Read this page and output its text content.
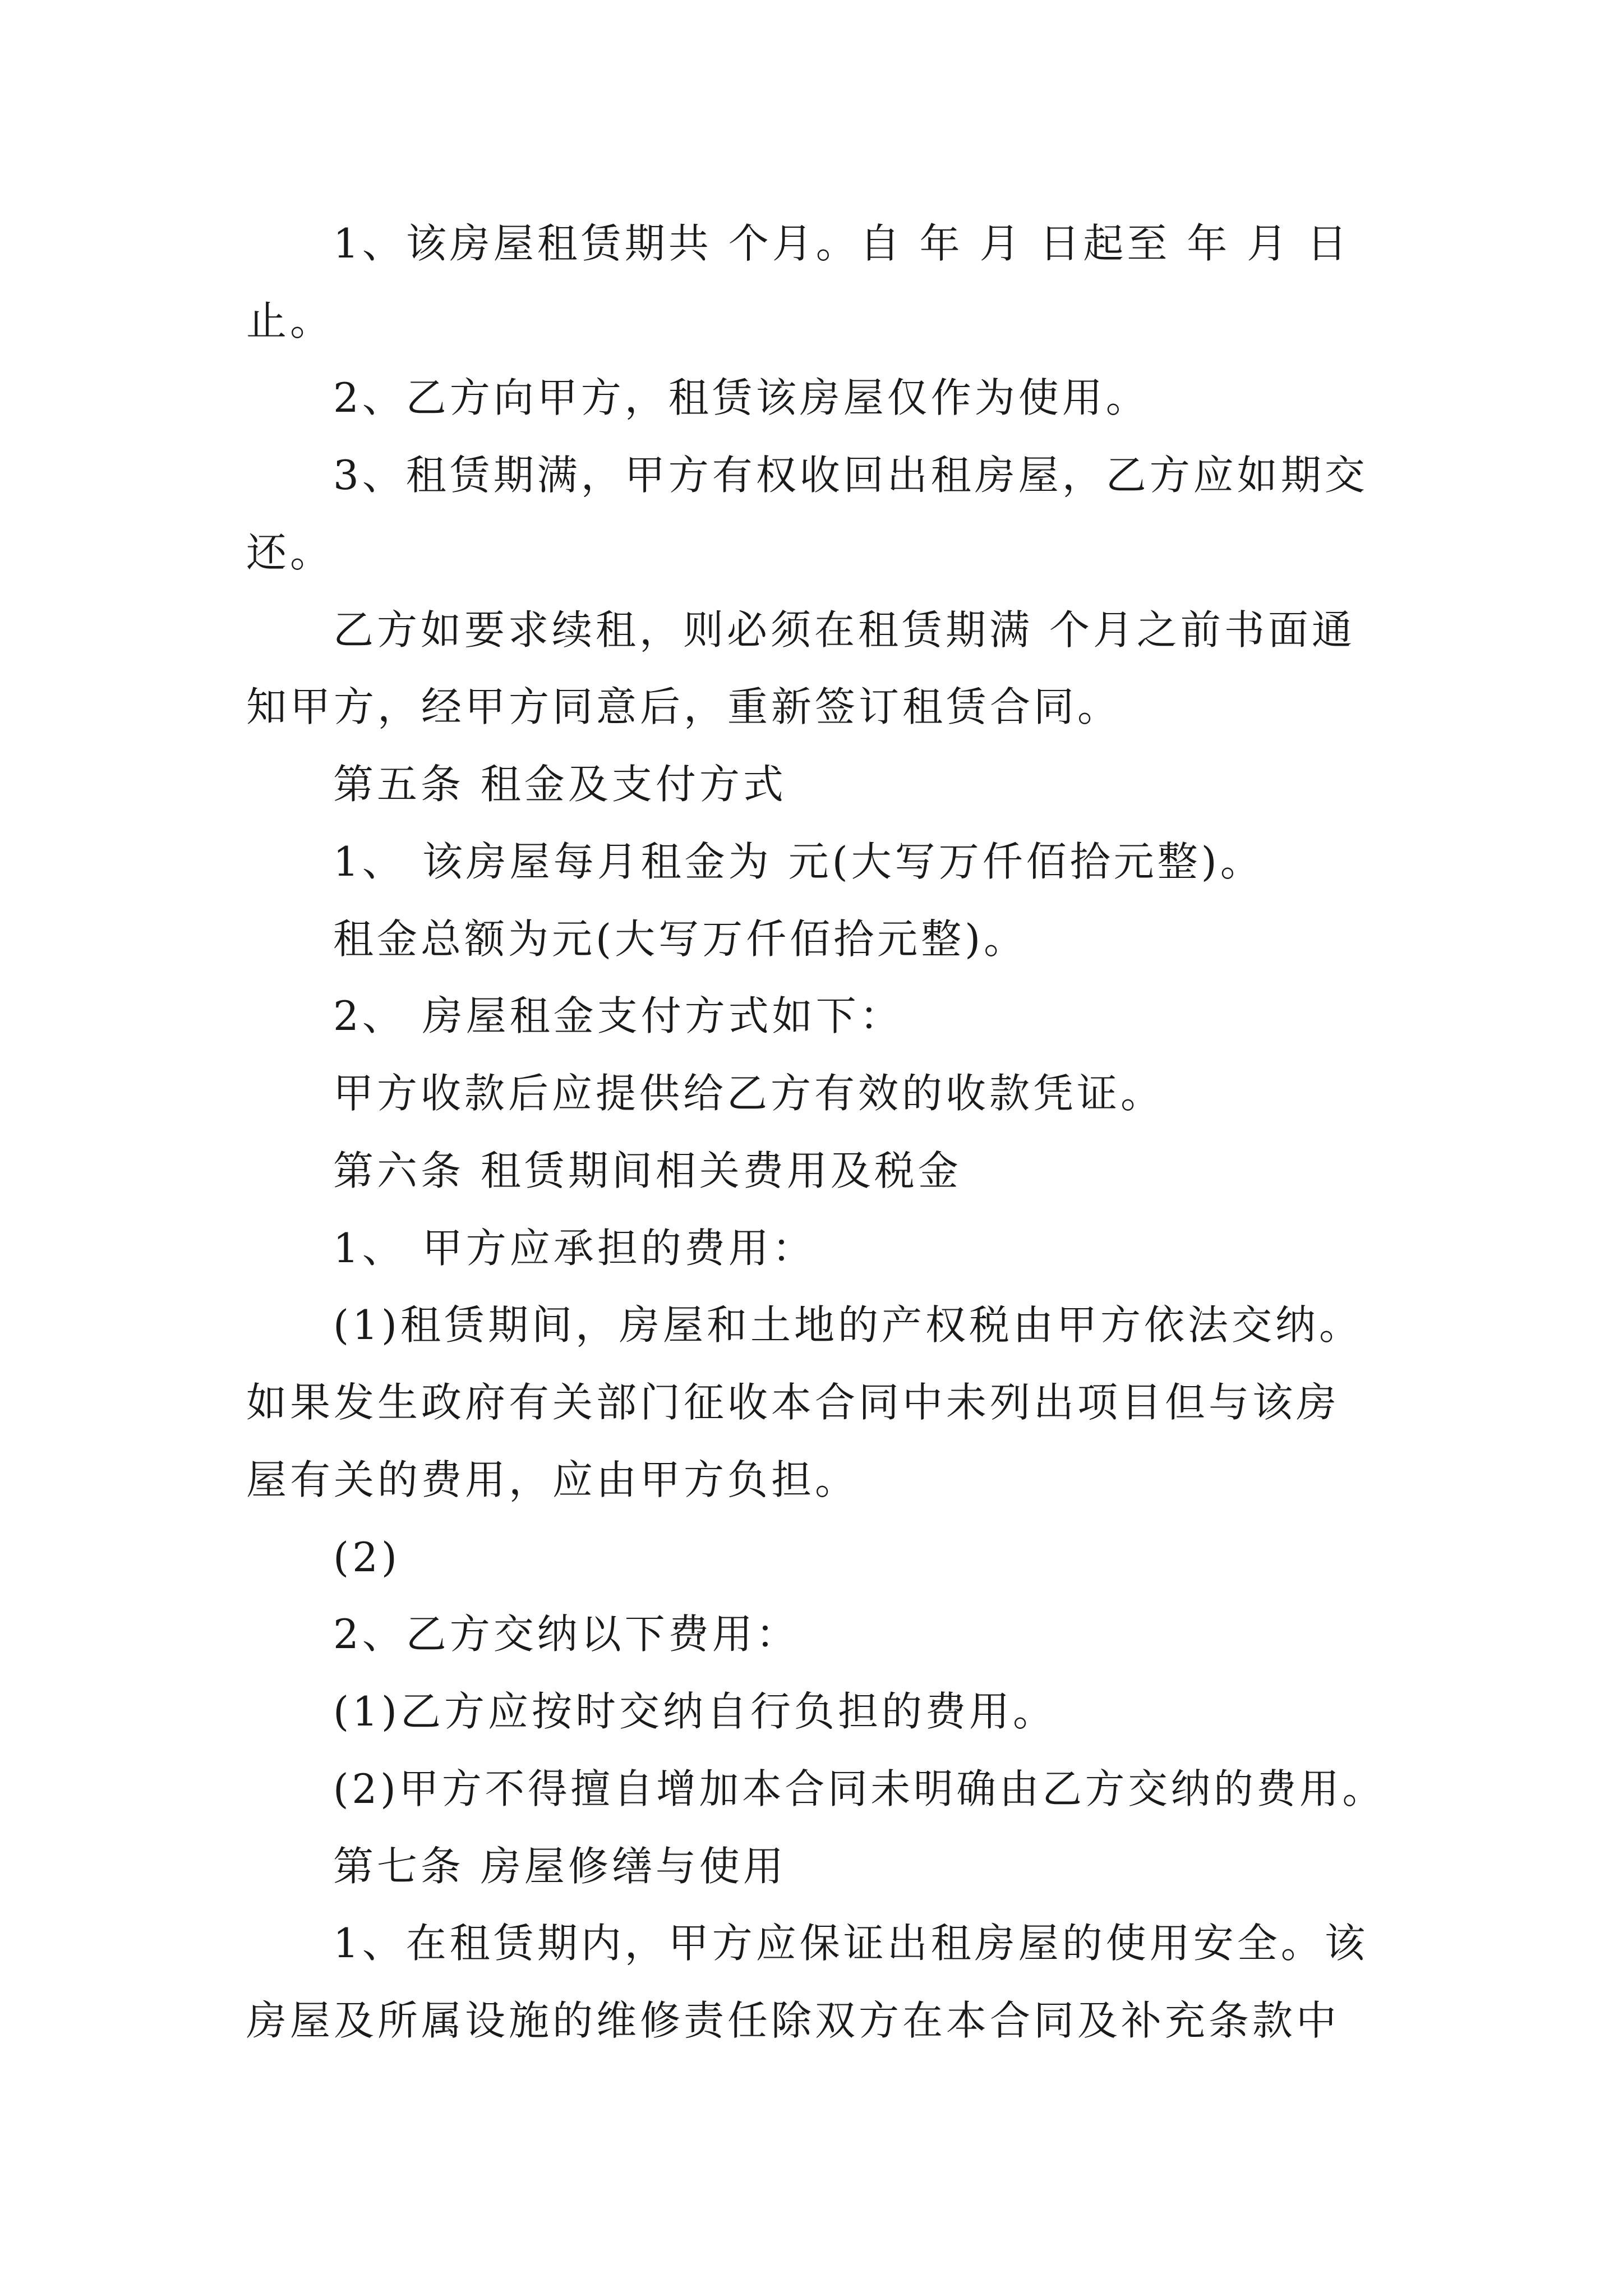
1、该房屋租赁期共 个月。自 年 月 日起至 年 月 日

止。

2、乙方向甲方，租赁该房屋仅作为使用。

3、租赁期满，甲方有权收回出租房屋，乙方应如期交

还。

乙方如要求续租，则必须在租赁期满 个月之前书面通

知甲方，经甲方同意后，重新签订租赁合同。

第五条 租金及支付方式

1、 该房屋每月租金为 元(大写万仟佰拾元整)。

租金总额为元(大写万仟佰拾元整)。

2、 房屋租金支付方式如下：

甲方收款后应提供给乙方有效的收款凭证。

第六条 租赁期间相关费用及税金

1、 甲方应承担的费用：

(1)租赁期间，房屋和土地的产权税由甲方依法交纳。

如果发生政府有关部门征收本合同中未列出项目但与该房

屋有关的费用，应由甲方负担。

(2)

2、乙方交纳以下费用：

(1)乙方应按时交纳自行负担的费用。

(2)甲方不得擅自增加本合同未明确由乙方交纳的费用。

第七条 房屋修缮与使用

1、在租赁期内，甲方应保证出租房屋的使用安全。该

房屋及所属设施的维修责任除双方在本合同及补充条款中
